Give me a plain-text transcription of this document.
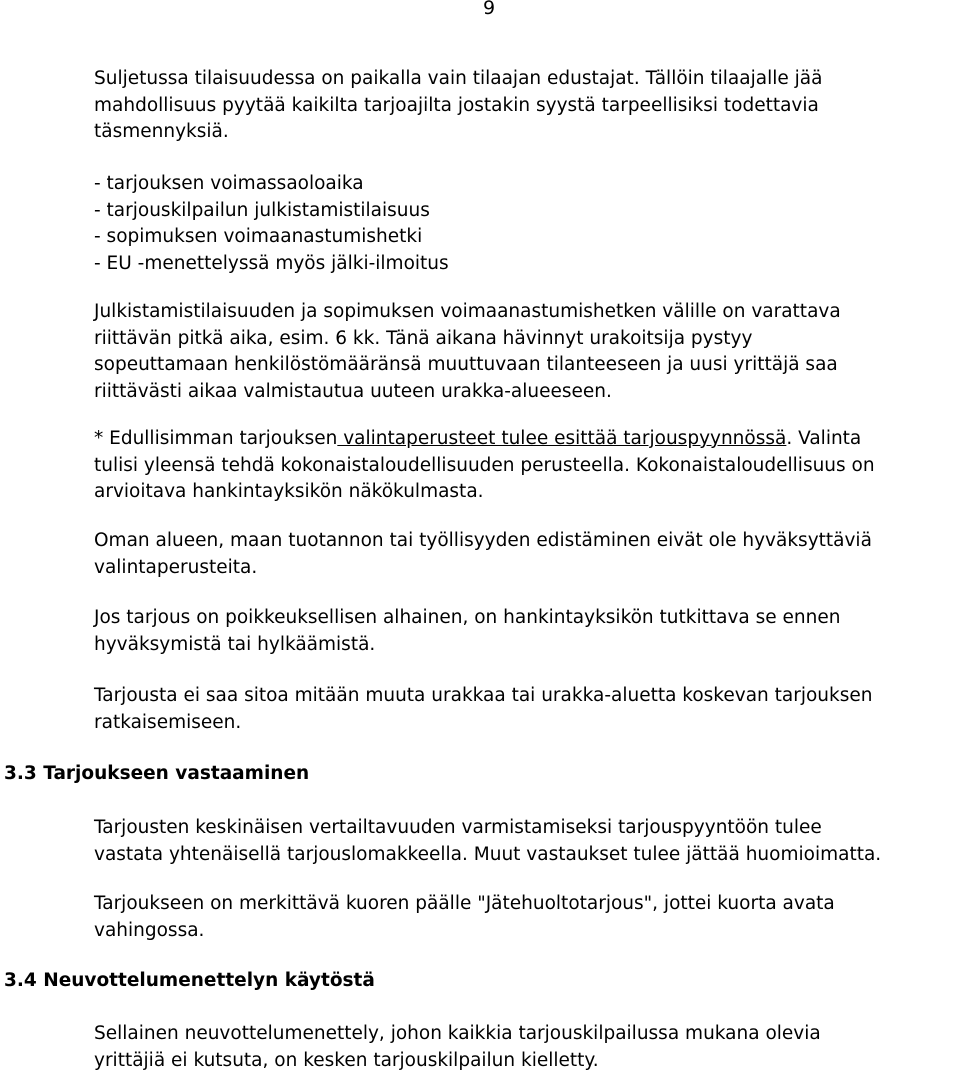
9

Suljetussa tilaisuudessa on paikalla vain tilaajan edustajat. Tällöin tilaajalle jää
mahdollisuus pyytää kaikilta tarjoajilta jostakin syystä tarpeellisiksi todettavia
täsmennyksiä.

- tarjouksen voimassaoloaika
- tarjouskilpailun julkistamistilaisuus
- sopimuksen voimaanastumishetki
- EU -menettelyssä myös jälki-ilmoitus

Julkistamistilaisuuden ja sopimuksen voimaanastumishetken välille on varattava
riittävän pitkä aika, esim. 6 kk. Tänä aikana hävinnyt urakoitsija pystyy
sopeuttamaan henkilöstömääränsä muuttuvaan tilanteeseen ja uusi yrittäjä saa
riittävästi aikaa valmistautua uuteen urakka-alueeseen.

* Edullisimman tarjouksen valintaperusteet tulee esittää tarjouspyynnössä. Valinta
tulisi yleensä tehdä kokonaistaloudellisuuden perusteella. Kokonaistaloudellisuus on
arvioitava hankintayksikön näkökulmasta.

Oman alueen, maan tuotannon tai työllisyyden edistäminen eivät ole hyväksyttäviä
valintaperusteita.

Jos tarjous on poikkeuksellisen alhainen, on hankintayksikön tutkittava se ennen
hyväksymistä tai hylkäämistä.

Tarjousta ei saa sitoa mitään muuta urakkaa tai urakka-aluetta koskevan tarjouksen
ratkaisemiseen.

3.3 Tarjoukseen vastaaminen

Tarjousten keskinäisen vertailtavuuden varmistamiseksi tarjouspyyntöön tulee
vastata yhtenäisellä tarjouslomakkeella. Muut vastaukset tulee jättää huomioimatta.

Tarjoukseen on merkittävä kuoren päälle "Jätehuoltotarjous", jottei kuorta avata
vahingossa.

3.4 Neuvottelumenettelyn käytöstä

Sellainen neuvottelumenettely, johon kaikkia tarjouskilpailussa mukana olevia
yrittäjiä ei kutsuta, on kesken tarjouskilpailun kielletty.
